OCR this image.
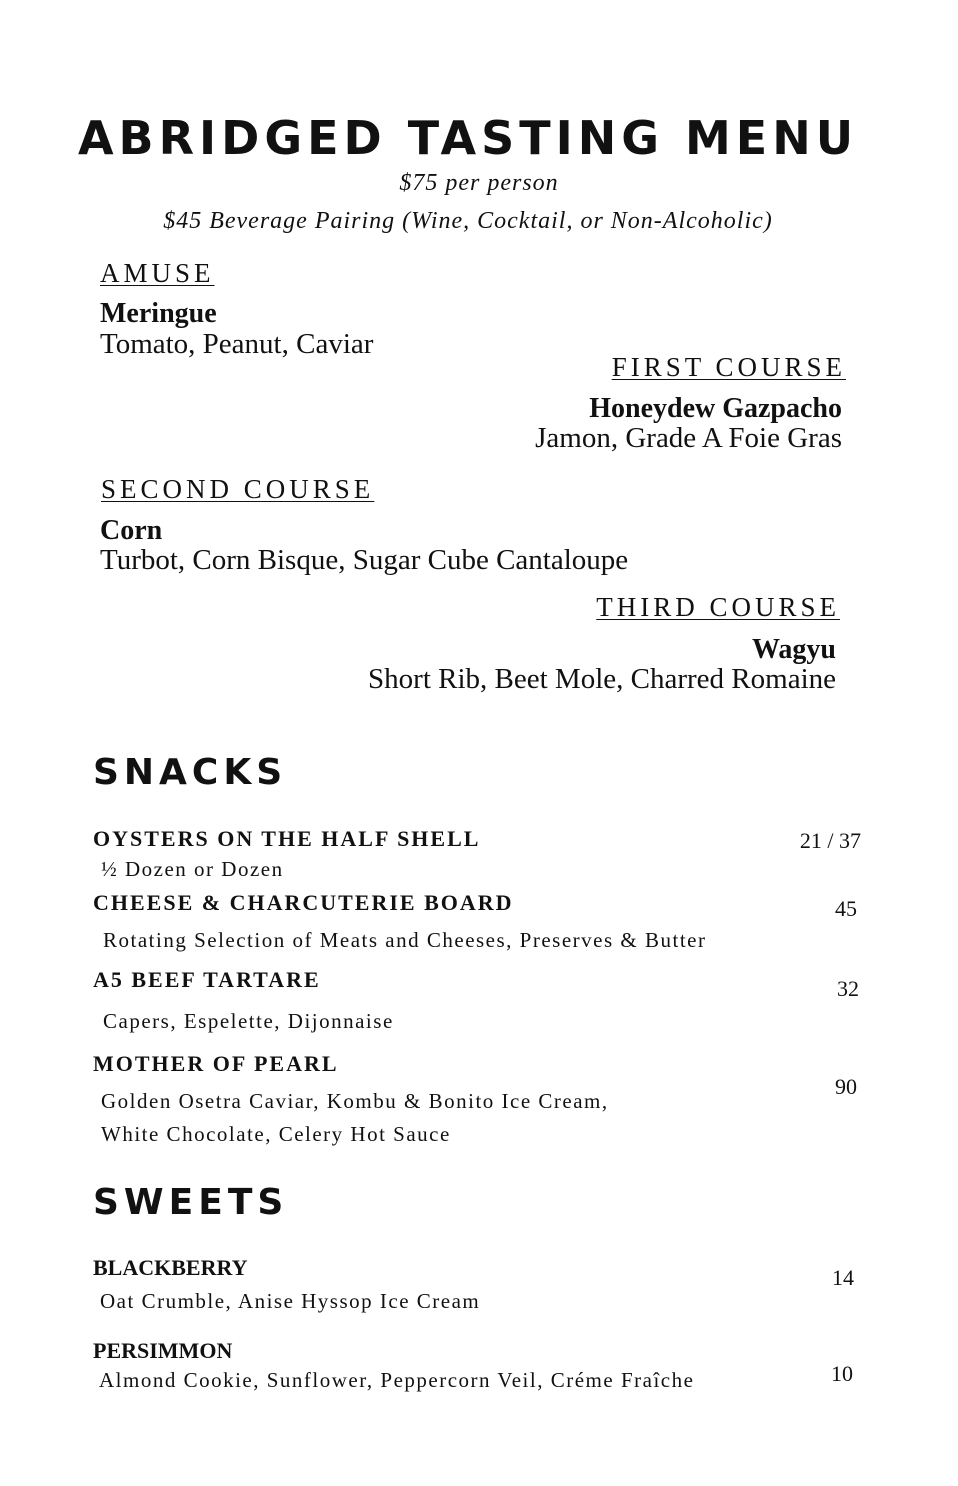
ABRIDGED TASTING MENU
$75 per person
$45 Beverage Pairing (Wine, Cocktail, or Non-Alcoholic)
AMUSE
Meringue
Tomato, Peanut, Caviar
FIRST COURSE
Honeydew Gazpacho
Jamon, Grade A Foie Gras
SECOND COURSE
Corn
Turbot, Corn Bisque, Sugar Cube Cantaloupe
THIRD COURSE
Wagyu
Short Rib, Beet Mole, Charred Romaine
SNACKS
OYSTERS ON THE HALF SHELL
½ Dozen or Dozen
21 / 37
CHEESE & CHARCUTERIE BOARD
Rotating Selection of Meats and Cheeses, Preserves & Butter
45
A5 BEEF TARTARE
Capers, Espelette, Dijonnaise
32
MOTHER OF PEARL
Golden Osetra Caviar, Kombu & Bonito Ice Cream,
White Chocolate, Celery Hot Sauce
90
SWEETS
BLACKBERRY
Oat Crumble, Anise Hyssop Ice Cream
14
PERSIMMON
Almond Cookie, Sunflower, Peppercorn Veil, Créme Fraîche	10
